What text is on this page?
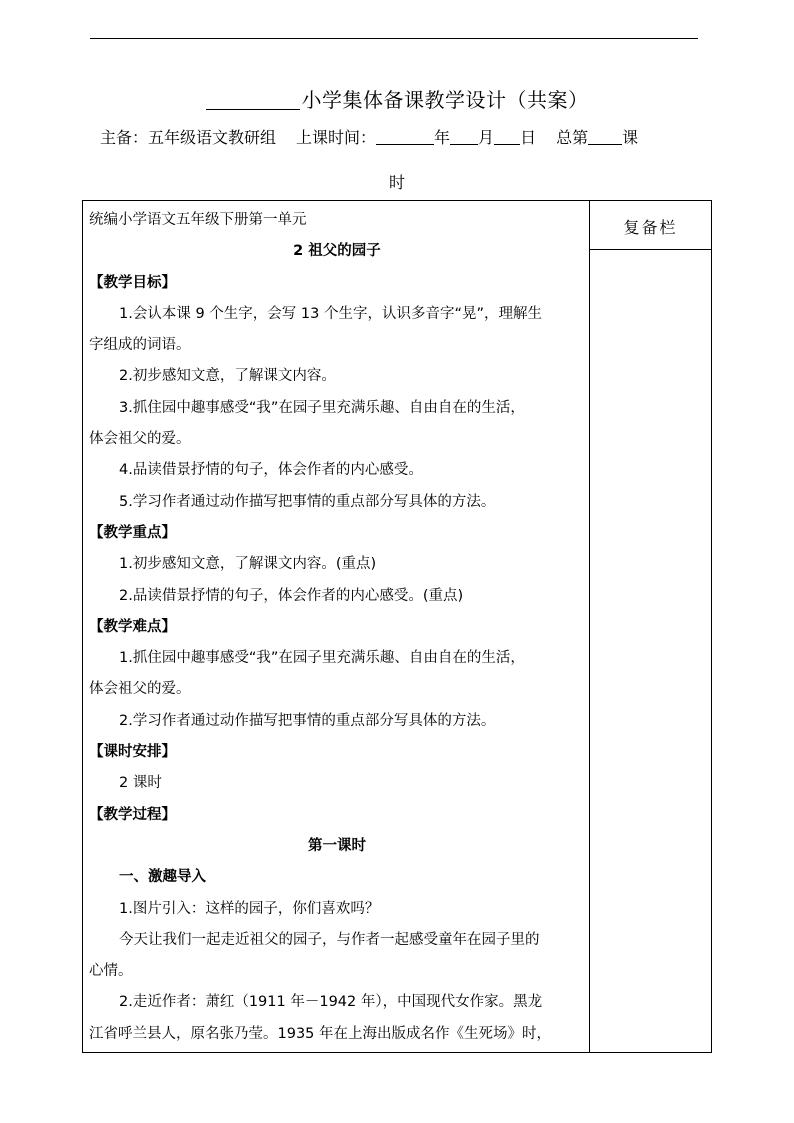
小学集体备课教学设计（共案）
主备：五年级语文教研组 上课时间：	年 月 日 总第 课
时
复备栏
统编小学语文五年级下册第一单元
2 祖父的园子
【教学目标】
1.会认本课 9 个生字，会写 13 个生字，认识多音字“晃”，理解生
字组成的词语。
2.初步感知文意，了解课文内容。
3.抓住园中趣事感受“我”在园子里充满乐趣、自由自在的生活，
体会祖父的爱。
4.品读借景抒情的句子，体会作者的内心感受。
5.学习作者通过动作描写把事情的重点部分写具体的方法。
【教学重点】
1.初步感知文意，了解课文内容。(重点)
2.品读借景抒情的句子，体会作者的内心感受。(重点)
【教学难点】
1.抓住园中趣事感受“我”在园子里充满乐趣、自由自在的生活，
体会祖父的爱。
2.学习作者通过动作描写把事情的重点部分写具体的方法。
【课时安排】
2 课时
【教学过程】
第一课时
一、激趣导入
1.图片引入：这样的园子，你们喜欢吗？
今天让我们一起走近祖父的园子，与作者一起感受童年在园子里的
心情。
2.走近作者：萧红（1911 年－1942 年），中国现代女作家。黑龙
江省呼兰县人，原名张乃莹。1935 年在上海出版成名作《生死场》时，
